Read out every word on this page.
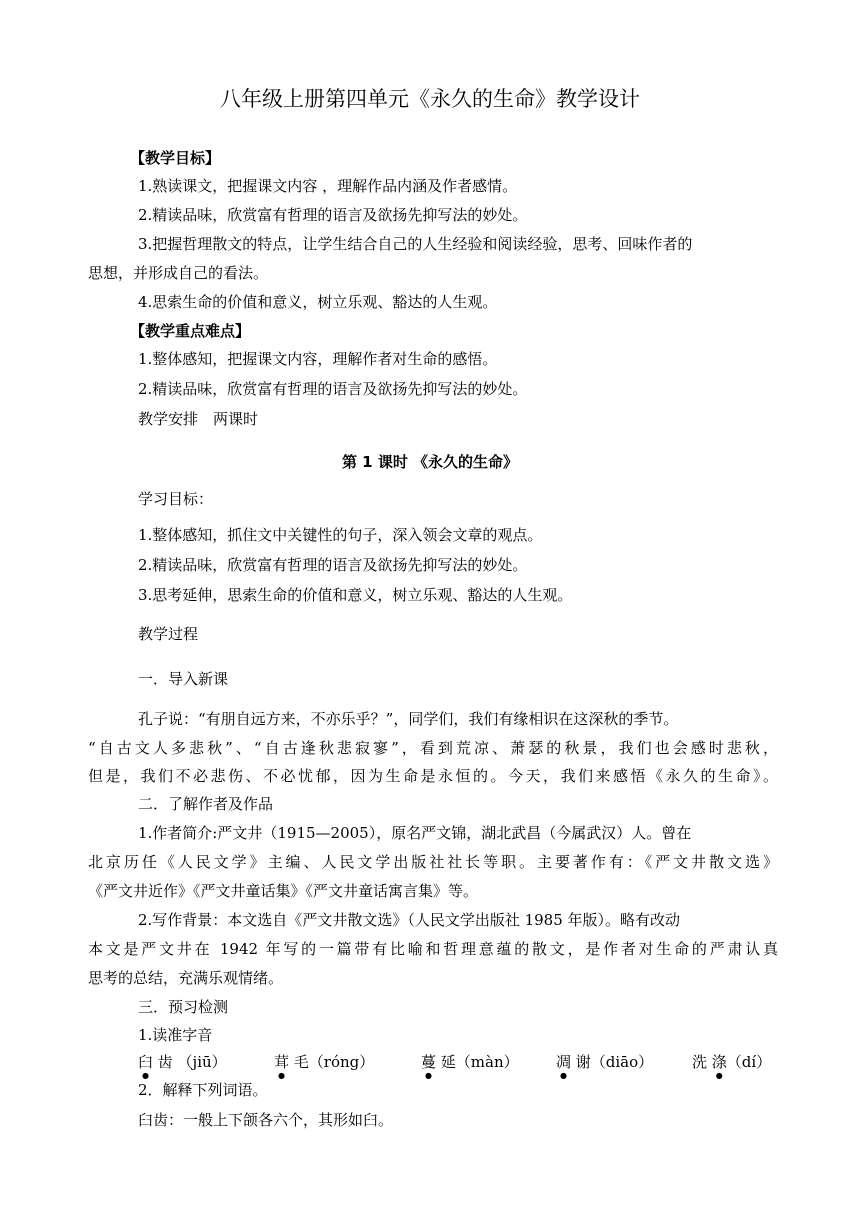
八年级上册第四单元《永久的生命》教学设计
【教学目标】
1.熟读课文，把握课文内容 ，理解作品内涵及作者感情。
2.精读品味，欣赏富有哲理的语言及欲扬先抑写法的妙处。
3.把握哲理散文的特点，让学生结合自己的人生经验和阅读经验，思考、回味作者的
思想，并形成自己的看法。
4.思索生命的价值和意义，树立乐观、豁达的人生观。
【教学重点难点】
1.整体感知，把握课文内容，理解作者对生命的感悟。
2.精读品味，欣赏富有哲理的语言及欲扬先抑写法的妙处。
教学安排　两课时
第 1 课时 《永久的生命》
学习目标：
1.整体感知，抓住文中关键性的句子，深入领会文章的观点。
2.精读品味，欣赏富有哲理的语言及欲扬先抑写法的妙处。
3.思考延伸，思索生命的价值和意义，树立乐观、豁达的人生观。
教学过程
一．导入新课
孔子说：“有朋自远方来，不亦乐乎？”，同学们，我们有缘相识在这深秋的季节。
“自古文人多悲秋”、“自古逢秋悲寂寥”，看到荒凉、萧瑟的秋景，我们也会感时悲秋，
但是，我们不必悲伤、不必忧郁，因为生命是永恒的。今天，我们来感悟《永久的生命》。
二．了解作者及作品
1.作者简介:严文井（1915—2005），原名严文锦，湖北武昌（今属武汉）人。曾在
北京历任《人民文学》主编、人民文学出版社社长等职。主要著作有：《严文井散文选》
《严文井近作》《严文井童话集》《严文井童话寓言集》等。
2.写作背景：本文选自《严文井散文选》（人民文学出版社 1985 年版）。略有改动
本文是严文井在 1942 年写的一篇带有比喻和哲理意蕴的散文，是作者对生命的严肃认真
思考的总结，充满乐观情绪。
三．预习检测
1.读准字音
臼 齿 （jiū）	茸 毛（róng）	蔓 延（màn） 凋 谢（diāo）	洗 涤（dí）
2．解释下列词语。
臼齿：一般上下颌各六个，其形如臼。
